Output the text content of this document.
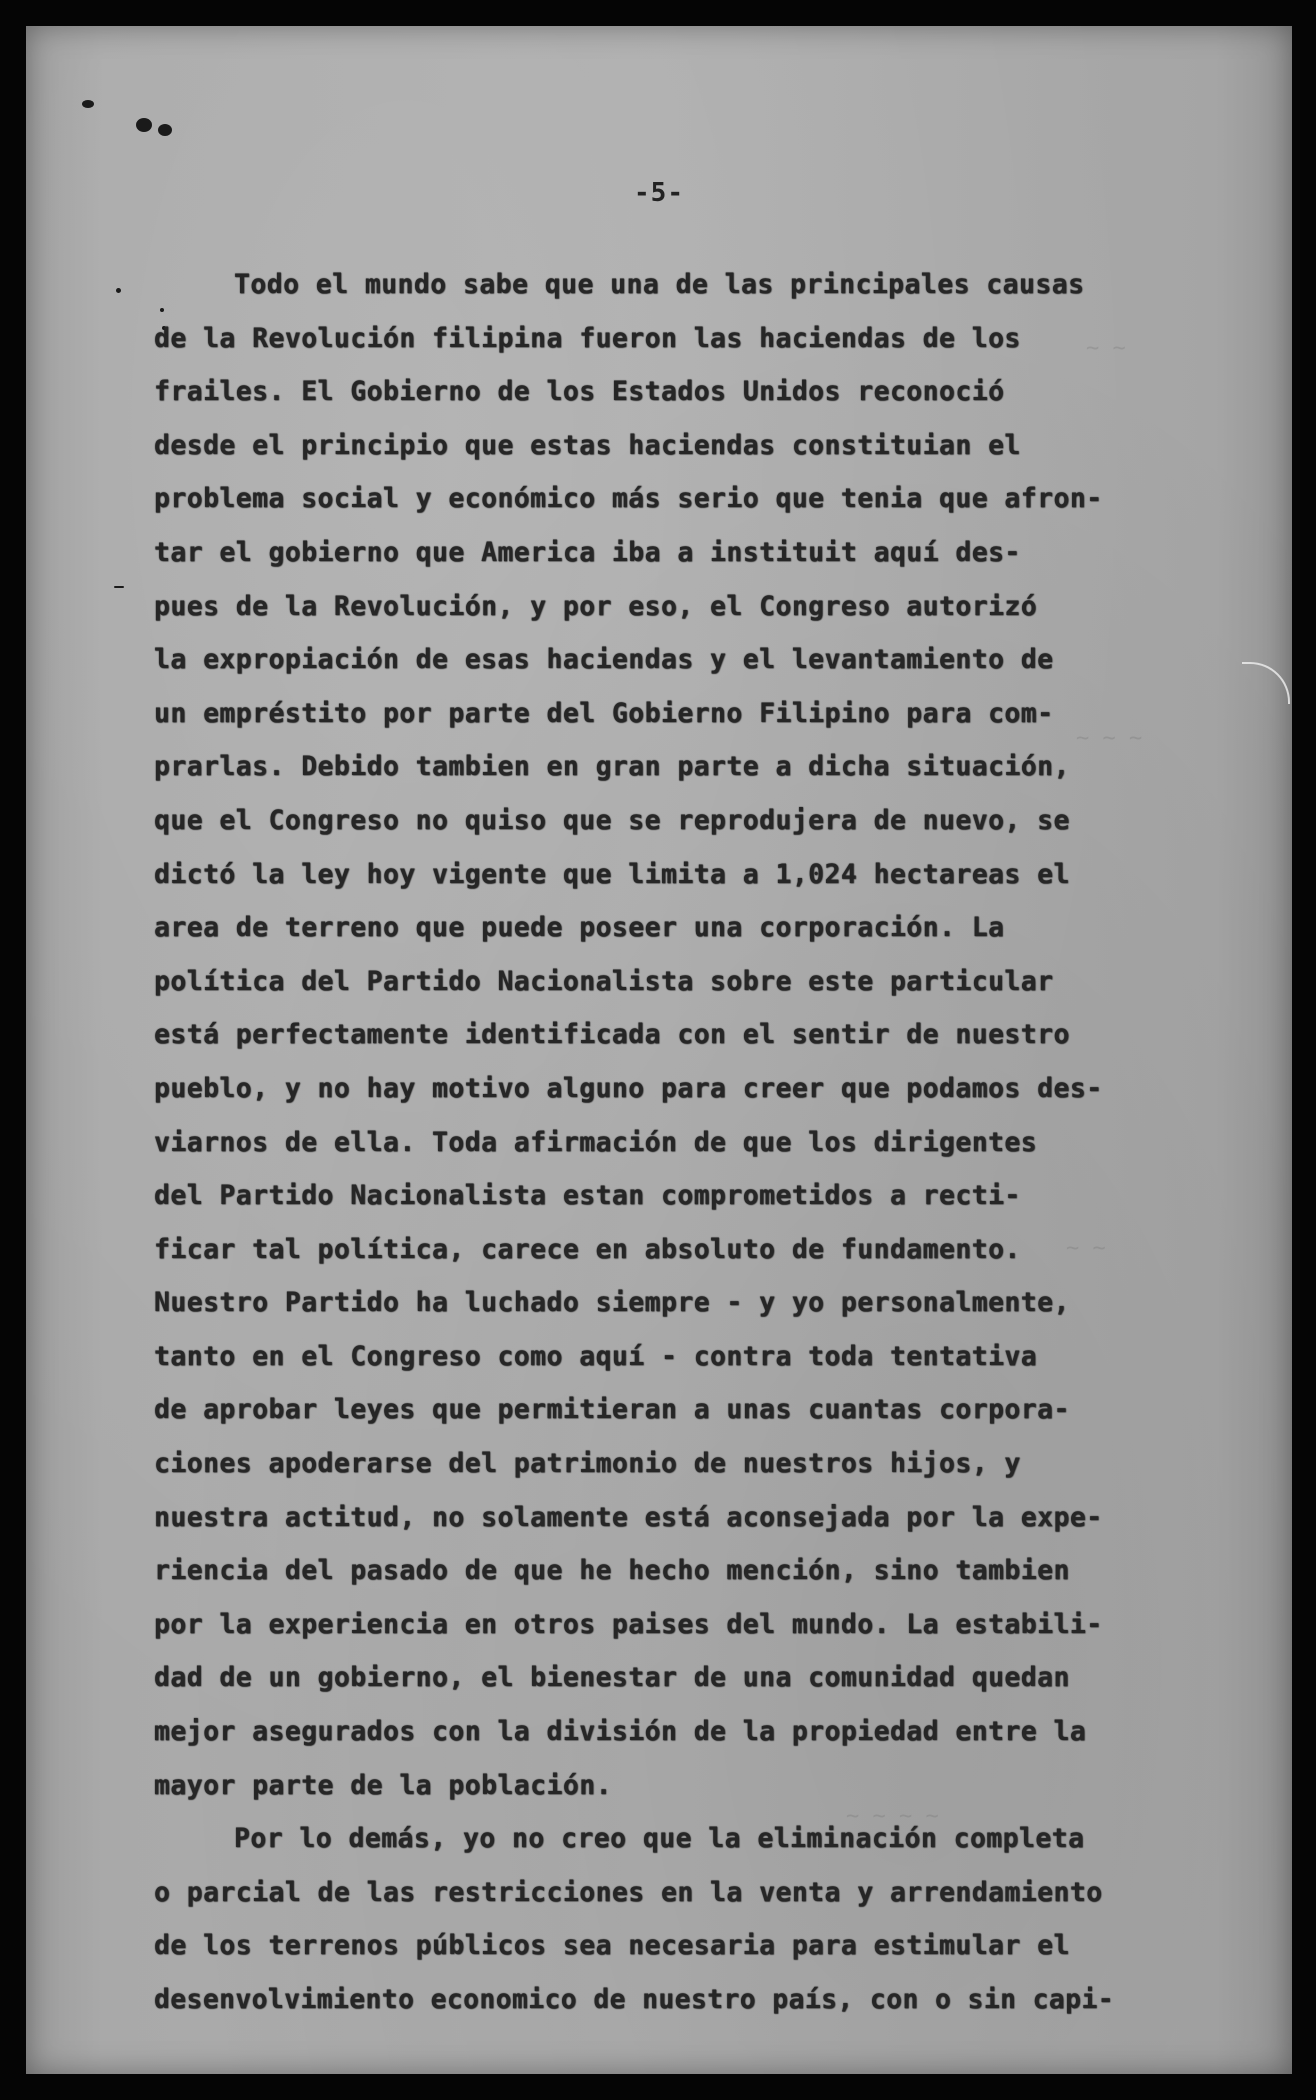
~ ~
~ ~ ~
~ ~
~ ~ ~ ~
-5-
Todo el mundo sabe que una de las principales causas
de la Revolución filipina fueron las haciendas de los
frailes. El Gobierno de los Estados Unidos reconoció
desde el principio que estas haciendas constituian el
problema social y económico más serio que tenia que afron-
tar el gobierno que America iba a instituit aquí des-
pues de la Revolución, y por eso, el Congreso autorizó
la expropiación de esas haciendas y el levantamiento de
un empréstito por parte del Gobierno Filipino para com-
prarlas. Debido tambien en gran parte a dicha situación,
que el Congreso no quiso que se reprodujera de nuevo, se
dictó la ley hoy vigente que limita a 1,024 hectareas el
area de terreno que puede poseer una corporación. La
política del Partido Nacionalista sobre este particular
está perfectamente identificada con el sentir de nuestro
pueblo, y no hay motivo alguno para creer que podamos des-
viarnos de ella. Toda afirmación de que los dirigentes
del Partido Nacionalista estan comprometidos a recti-
ficar tal política, carece en absoluto de fundamento.
Nuestro Partido ha luchado siempre - y yo personalmente,
tanto en el Congreso como aquí - contra toda tentativa
de aprobar leyes que permitieran a unas cuantas corpora-
ciones apoderarse del patrimonio de nuestros hijos, y
nuestra actitud, no solamente está aconsejada por la expe-
riencia del pasado de que he hecho mención, sino tambien
por la experiencia en otros paises del mundo. La estabili-
dad de un gobierno, el bienestar de una comunidad quedan
mejor asegurados con la división de la propiedad entre la
mayor parte de la población.
Por lo demás, yo no creo que la eliminación completa
o parcial de las restricciones en la venta y arrendamiento
de los terrenos públicos sea necesaria para estimular el
desenvolvimiento economico de nuestro país, con o sin capi-
